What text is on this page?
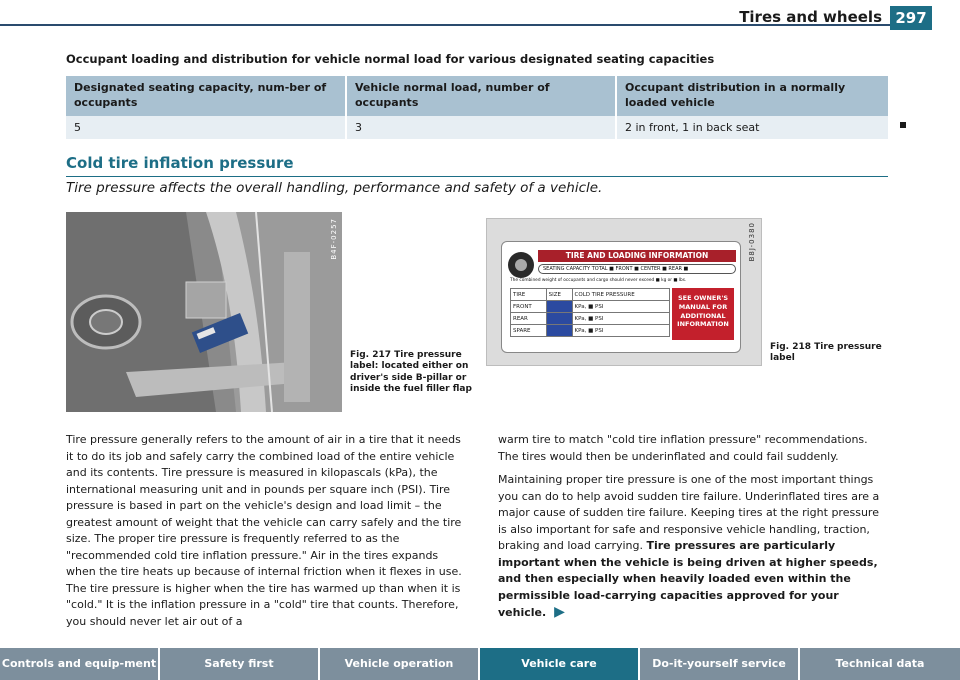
Tires and wheels 297
Occupant loading and distribution for vehicle normal load for various designated seating capacities
Designated seating capacity, num-ber of occupants	Vehicle normal load, number of occupants	Occupant distribution in a normally loaded vehicle
5	3	2 in front, 1 in back seat
Cold tire inflation pressure
Tire pressure affects the overall handling, performance and safety of a vehicle.
B4F-0257
Fig. 217 Tire pressure label: located either on driver's side B-pillar or inside the fuel filler flap
TIRE AND LOADING INFORMATION
SEATING CAPACITY TOTAL ■ FRONT ■ CENTER ■ REAR ■
The combined weight of occupants and cargo should never exceed ■ kg or ■ lbs.
TIRE	SIZE	COLD TIRE PRESSURE
FRONT		KPa, ■ PSI
REAR		KPa, ■ PSI
SPARE		KPa, ■ PSI
SEE OWNER'S MANUAL FOR ADDITIONAL INFORMATION
B8J-0380
Fig. 218 Tire pressure label

Tire pressure generally refers to the amount of air in a tire that it needs it to do its job and safely carry the combined load of the entire vehicle and its contents. Tire pressure is measured in kilopascals (kPa), the international measuring unit and in pounds per square inch (PSI). Tire pressure is based in part on the vehicle's design and load limit – the greatest amount of weight that the vehicle can carry safely and the tire size. The proper tire pressure is frequently referred to as the "recommended cold tire inflation pressure." Air in the tires expands when the tire heats up because of internal friction when it flexes in use. The tire pressure is higher when the tire has warmed up than when it is "cold." It is the inflation pressure in a "cold" tire that counts. Therefore, you should never let air out of a

warm tire to match "cold tire inflation pressure" recommendations. The tires would then be underinflated and could fail suddenly.

Maintaining proper tire pressure is one of the most important things you can do to help avoid sudden tire failure. Underinflated tires are a major cause of sudden tire failure. Keeping tires at the right pressure is also important for safe and responsive vehicle handling, traction, braking and load carrying. Tire pressures are particularly important when the vehicle is being driven at higher speeds, and then especially when heavily loaded even within the permissible load-carrying capacities approved for your vehicle. ▶

Controls and equip-ment	Safety first	Vehicle operation	Vehicle care	Do-it-yourself service	Technical data
